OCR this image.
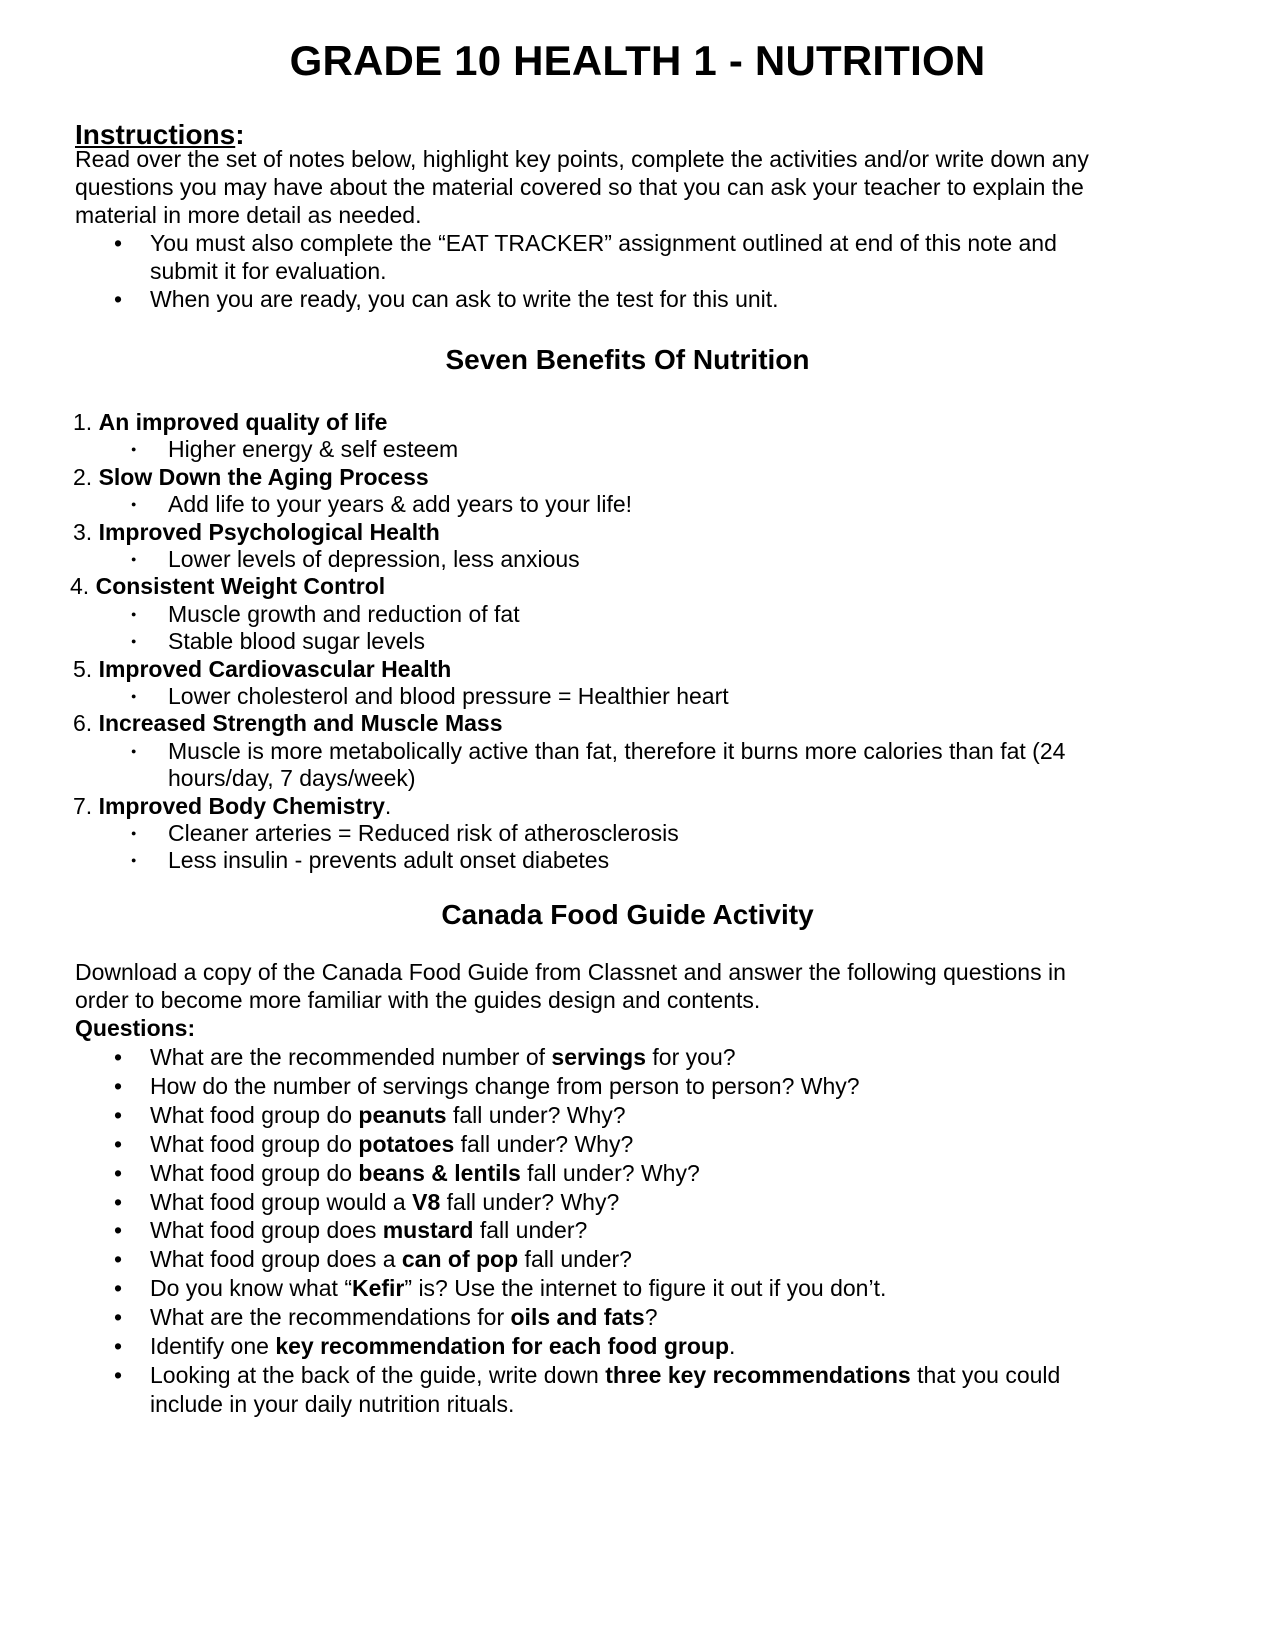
GRADE 10 HEALTH 1 - NUTRITION
Instructions:
Read over the set of notes below, highlight key points, complete the activities and/or write down any
questions you may have about the material covered so that you can ask your teacher to explain the
material in more detail as needed.
• You must also complete the “EAT TRACKER” assignment outlined at end of this note and
submit it for evaluation.
• When you are ready, you can ask to write the test for this unit.
Seven Benefits Of Nutrition
1. An improved quality of life
● Higher energy & self esteem
2. Slow Down the Aging Process
● Add life to your years & add years to your life!
3. Improved Psychological Health
● Lower levels of depression, less anxious
4. Consistent Weight Control
● Muscle growth and reduction of fat
● Stable blood sugar levels
5. Improved Cardiovascular Health
● Lower cholesterol and blood pressure = Healthier heart
6. Increased Strength and Muscle Mass
● Muscle is more metabolically active than fat, therefore it burns more calories than fat (24
hours/day, 7 days/week)
7. Improved Body Chemistry.
● Cleaner arteries = Reduced risk of atherosclerosis
● Less insulin - prevents adult onset diabetes
Canada Food Guide Activity
Download a copy of the Canada Food Guide from Classnet and answer the following questions in
order to become more familiar with the guides design and contents.
Questions:
• What are the recommended number of servings for you?
• How do the number of servings change from person to person? Why?
• What food group do peanuts fall under? Why?
• What food group do potatoes fall under? Why?
• What food group do beans & lentils fall under? Why?
• What food group would a V8 fall under? Why?
• What food group does mustard fall under?
• What food group does a can of pop fall under?
• Do you know what “Kefir” is? Use the internet to figure it out if you don’t.
• What are the recommendations for oils and fats?
• Identify one key recommendation for each food group.
• Looking at the back of the guide, write down three key recommendations that you could
include in your daily nutrition rituals.
